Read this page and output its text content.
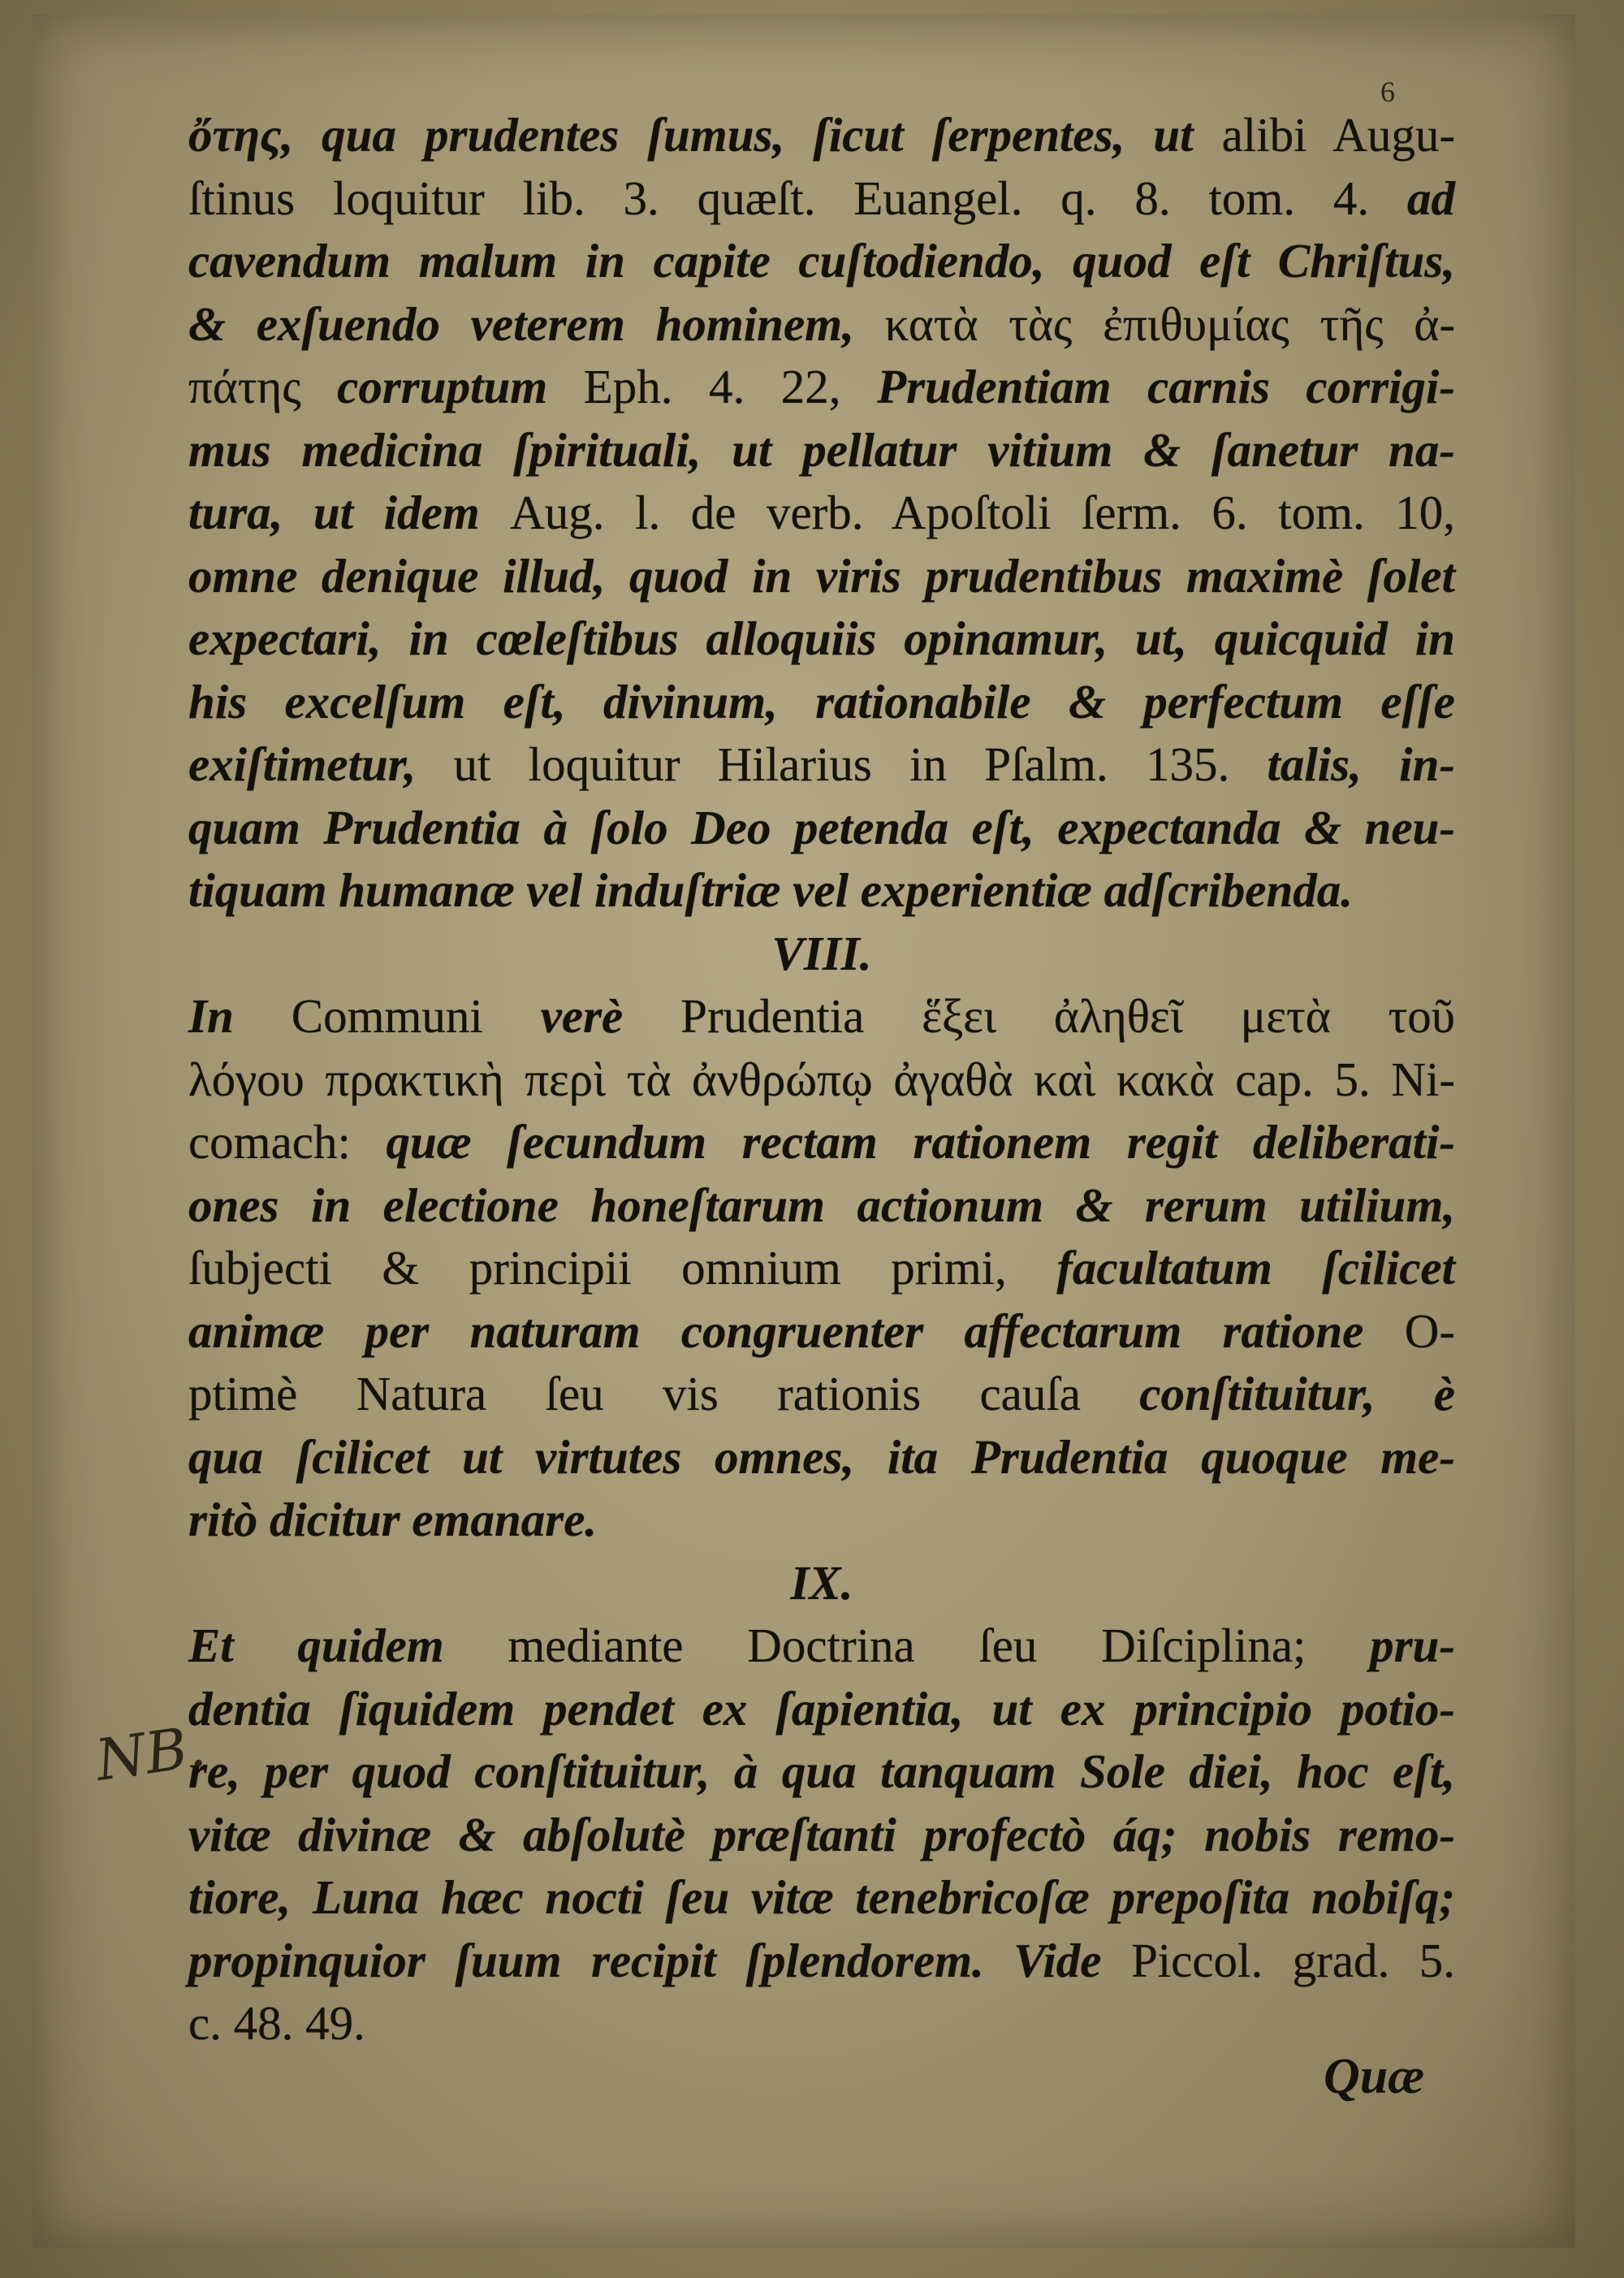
6
NB.
ὄτης, qua prudentes ſumus, ſicut ſerpentes, ut alibi Augu-
ſtinus loquitur lib. 3. quæſt. Euangel. q. 8. tom. 4. ad
cavendum malum in capite cuſtodiendo, quod eſt Chriſtus,
& exſuendo veterem hominem, κατὰ τὰς ἐπιθυμίας τῆς ἀ-
πάτης corruptum Eph. 4. 22, Prudentiam carnis corrigi-
mus medicina ſpirituali, ut pellatur vitium & ſanetur na-
tura, ut idem Aug. l. de verb. Apoſtoli ſerm. 6. tom. 10,
omne denique illud, quod in viris prudentibus maximè ſolet
expectari, in cœleſtibus alloquiis opinamur, ut, quicquid in
his excelſum eſt, divinum, rationabile & perfectum eſſe
exiſtimetur, ut loquitur Hilarius in Pſalm. 135. talis, in-
quam Prudentia à ſolo Deo petenda eſt, expectanda & neu-
tiquam humanæ vel induſtriæ vel experientiæ adſcribenda.
VIII.
In Communi verè Prudentia ἕξει ἀληθεῖ μετὰ τοῦ
λόγου πρακτικὴ περὶ τὰ ἀνθρώπῳ ἀγαθὰ καὶ κακὰ cap. 5. Ni-
comach: quæ ſecundum rectam rationem regit deliberati-
ones in electione honeſtarum actionum & rerum utilium,
ſubjecti & principii omnium primi, facultatum ſcilicet
animæ per naturam congruenter affectarum ratione O-
ptimè Natura ſeu vis rationis cauſa conſtituitur, è
qua ſcilicet ut virtutes omnes, ita Prudentia quoque me-
ritò dicitur emanare.
IX.
Et quidem mediante Doctrina ſeu Diſciplina; pru-
dentia ſiquidem pendet ex ſapientia, ut ex principio potio-
re, per quod conſtituitur, à qua tanquam Sole diei, hoc eſt,
vitæ divinæ & abſolutè præſtanti profectò áq; nobis remo-
tiore, Luna hæc nocti ſeu vitæ tenebricoſæ prepoſita nobiſq;
propinquior ſuum recipit ſplendorem. Vide Piccol. grad. 5.
c. 48. 49.
Quæ
